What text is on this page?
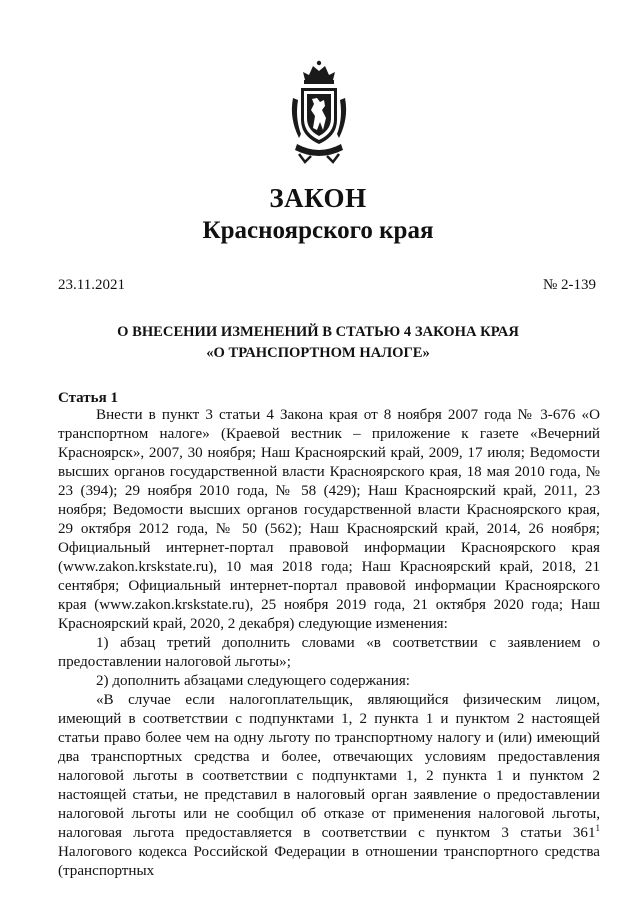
ЗАКОН
Красноярского края
23.11.2021	№ 2-139
О ВНЕСЕНИИ ИЗМЕНЕНИЙ В СТАТЬЮ 4 ЗАКОНА КРАЯ
«О ТРАНСПОРТНОМ НАЛОГЕ»
Статья 1

Внести в пункт 3 статьи 4 Закона края от 8 ноября 2007 года № 3-676 «О транспортном налоге» (Краевой вестник – приложение к газете «Вечерний Красноярск», 2007, 30 ноября; Наш Красноярский край, 2009, 17 июля; Ведомости высших органов государственной власти Красноярского края, 18 мая 2010 года, № 23 (394); 29 ноября 2010 года, № 58 (429); Наш Красноярский край, 2011, 23 ноября; Ведомости высших органов государственной власти Красноярского края, 29 октября 2012 года, № 50 (562); Наш Красноярский край, 2014, 26 ноября; Официальный интернет-портал правовой информации Красноярского края (www.zakon.krskstate.ru), 10 мая 2018 года; Наш Красноярский край, 2018, 21 сентября; Официальный интернет-портал правовой информации Красноярского края (www.zakon.krskstate.ru), 25 ноября 2019 года, 21 октября 2020 года; Наш Красноярский край, 2020, 2 декабря) следующие изменения:

1) абзац третий дополнить словами «в соответствии с заявлением о предоставлении налоговой льготы»;

2) дополнить абзацами следующего содержания:

«В случае если налогоплательщик, являющийся физическим лицом, имеющий в соответствии с подпунктами 1, 2 пункта 1 и пунктом 2 настоящей статьи право более чем на одну льготу по транспортному налогу и (или) имеющий два транспортных средства и более, отвечающих условиям предоставления налоговой льготы в соответствии с подпунктами 1, 2 пункта 1 и пунктом 2 настоящей статьи, не представил в налоговый орган заявление о предоставлении налоговой льготы или не сообщил об отказе от применения налоговой льготы, налоговая льгота предоставляется в соответствии с пунктом 3 статьи $361^1$ Налогового кодекса Российской Федерации в отношении транспортного средства (транспортных
